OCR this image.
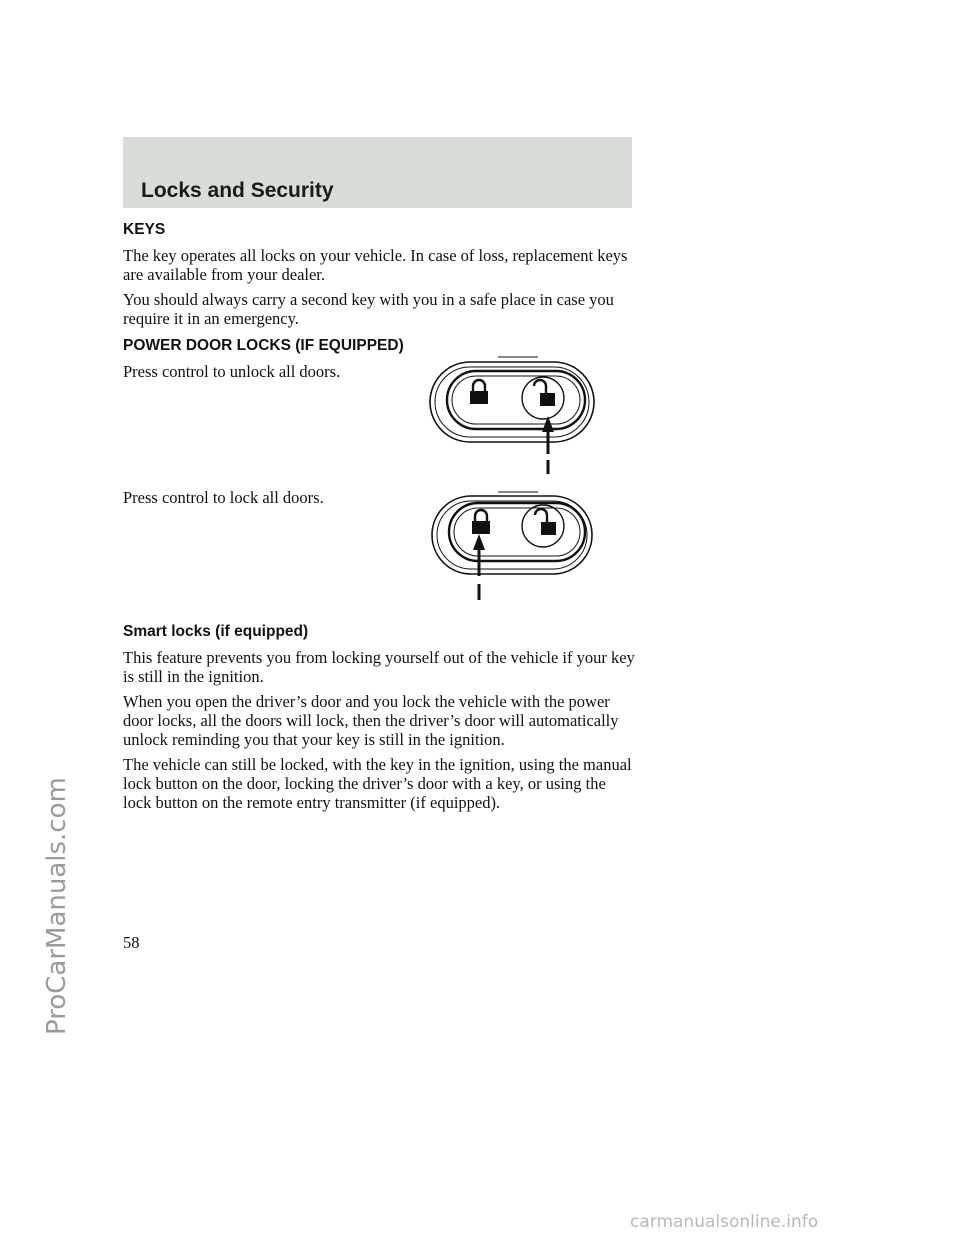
ProCarManuals.com
Locks and Security
KEYS
The key operates all locks on your vehicle. In case of loss, replacement keys are available from your dealer.
You should always carry a second key with you in a safe place in case you require it in an emergency.
POWER DOOR LOCKS (IF EQUIPPED)
Press control to unlock all doors.
Press control to lock all doors.
Smart locks (if equipped)
This feature prevents you from locking yourself out of the vehicle if your key is still in the ignition.
When you open the driver’s door and you lock the vehicle with the power door locks, all the doors will lock, then the driver’s door will automatically unlock reminding you that your key is still in the ignition.
The vehicle can still be locked, with the key in the ignition, using the manual lock button on the door, locking the driver’s door with a key, or using the lock button on the remote entry transmitter (if equipped).
58
carmanualsonline.info
